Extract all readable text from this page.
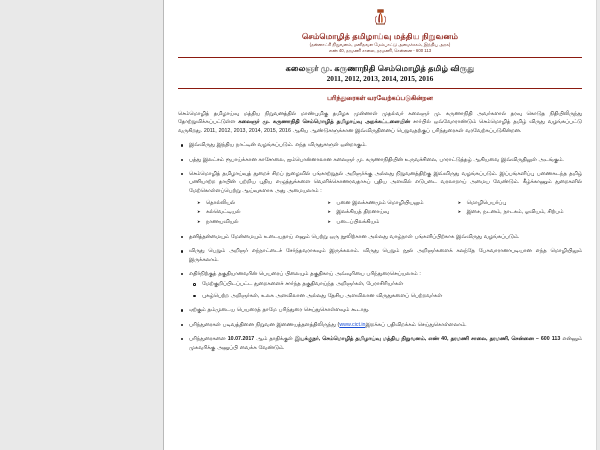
செம்மொழித் தமிழாய்வு மத்திய நிறுவனம்
(தன்னாட்சி நிறுவனம், மனிதவள மேம்பாட்டு அமைச்சகம், இந்திய அரசு)
எண் 40, தரமணி சாலை, தரமணி, சென்னை - 600 113
கலைஞர் மு. கருணாநிதி செம்மொழித் தமிழ் விருது
2011, 2012, 2013, 2014, 2015, 2016
பரிந்துரைகள் வரவேற்கப்படுகின்றன

செம்மொழித் தமிழாய்வு மத்திய நிறுவனத்தில் மாண்புமிகு தமிழக முன்னாள் முதல்வர் கலைஞர் மு. கருணாநிதி அவர்களால் தரவு கொடுத நிதியிலிருந்து தோற்றுவிக்கப்பட்டுள்ள கலைஞர் மு. கருணாநிதி செம்மொழித் தமிழாய்வு அறக்கட்டளையின் சார்பில் ஒவ்வோராண்டும் செம்மொழித் தமிழ் விருது வழங்கப்பட்டு வருகிறது. 2011, 2012, 2013, 2014, 2015, 2016 ஆகிய ஆண்டுகளுக்கான இவ்விருதினைப் பெறுவதற்குப் பரிந்துரைகள் வரவேற்கப்படுகின்றன.

இவ்விருது இந்திய நாட்டின் வழங்கப்படும். எந்த விருதுகளுள் ஒன்றாகும்.
பத்து இலட்சம் ரூபாய்க்கான காசோலை, ஐம்பொன்னாலான கலைஞர் மு. கருணாநிதியின் உருவச்சிலை, பாராட்டுத்தழ் ஆகியவை இவ்விருதிலுள் அடங்கும்.
செம்மொழித் தமிழாய்வுத் துறைச் சிறப் நுழைவில் பங்காற்றுதல் அறிஞர்க்கு அல்லது நிறுவனத்திற்கு இவ்விருது வழங்கப்படும். இப்பங்களிப்பு பணைகடந்த தமிழ் பணியாற்ற தாயின் பற்றிய புதிய எழுத்துக்களை வெளிக்கொணரவதாகப் புதிய அளவில் எடுபடை வரலாறாய் அமைய வேண்டும். கீழ்க்காணும் துறைகளில் மேற்கொள்ளப்பெற்று ஆய்வுகளாக அது அமையலாம் :
➤ தொல்லியல்
➤ கல்வெட்டியல்
➤ நாணயவியல்
➤ பனை இலக்கணமும் மொழியியலும்
➤ இலக்கியத் திறனாய்வு
➤ படைப்பிலக்கியம்
➤ மொழிபெயர்ப்பு
➤ இசை, நடனம், நாடகம், ஓவியம், சிற்பம்
தனித்தன்மையும் மேன்மையும் உடையதாய் எனும் பெற்று ஒரு நூலிற்கான அல்லது வாழ்நாள் பங்களிப்பிற்காக இவ்விருது வழங்கப்படும்.
விருது பெறும் அறிஞர் எந்நாட்டைச் சேர்ந்தவராகவும் இருக்கலாம். விருது பெறும் நூல் அறிஞர்களைக் கலந்தே பேசுவாரானாபடியான எந்த மொழியிலும் இருக்கலாம்.
எதிர்நிற்குத் தகுதியானவரின் பெயரைப் பிலையும் தகுதிகாய் அவ்வுரியை பரிந்துரைசெய்யலாம் :
மேற்குறிப்பிடப்பட்ட துறைகளைச் சார்ந்த தகுதிவாய்ந்த அறிஞர்கள், பேராசிரியர்கள்
புகழ்பெற்ற அறிஞர்கள், உலக அளவிலான அல்லது தேசிய அளவிலான விருதுகளைப் பெற்றவர்கள்
ஏற்கும் தம்முடைய பெயரைத் தாமே பரிந்துரை செய்துகொள்ளவும் கூடாது.
பரிந்துரைகள் படிவத்தினை நிறுவன இணையத்தளத்திலிருந்து (www.cict.inஇறக்கப் பதிவிறக்கம் செய்துகொள்ளலாம்.
பரிந்துரைகளை 10.07.2017 ஆம் தாதிக்குள் இயக்குநர், செம்மொழித் தமிழாய்வு மத்திய நிறுவனம், எண் 40, தரமணி சாலை, தரமணி, சென்னை – 600 113 என்னும் முகவரிக்கு அனுப்பி வைக்க வேண்டும்.
